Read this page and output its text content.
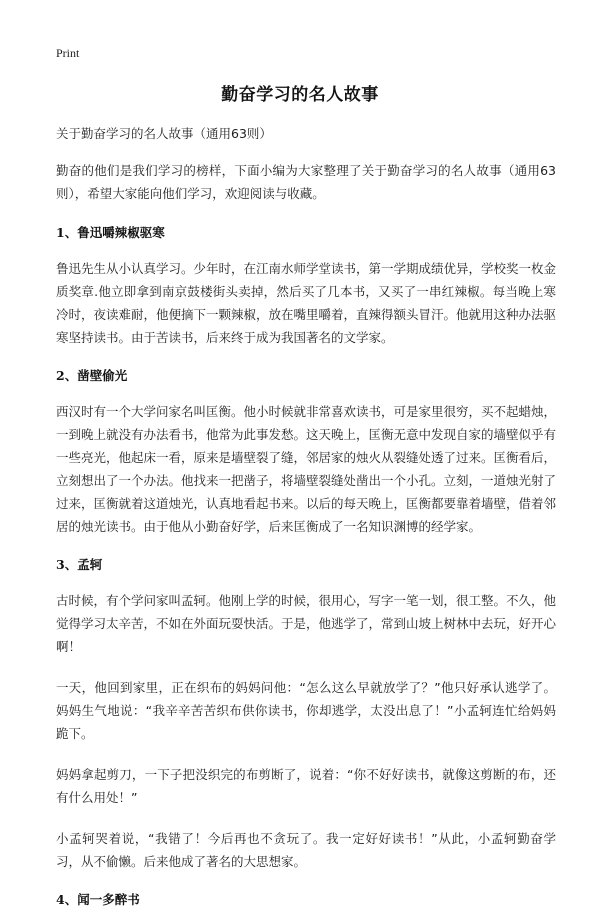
Print
勤奋学习的名人故事

关于勤奋学习的名人故事（通用63则）

勤奋的他们是我们学习的榜样，下面小编为大家整理了关于勤奋学习的名人故事（通用63则），希望大家能向他们学习，欢迎阅读与收藏。

1、鲁迅嚼辣椒驱寒

鲁迅先生从小认真学习。少年时，在江南水师学堂读书，第一学期成绩优异，学校奖一枚金质奖章.他立即拿到南京鼓楼街头卖掉，然后买了几本书，又买了一串红辣椒。每当晚上寒冷时，夜读难耐，他便摘下一颗辣椒，放在嘴里嚼着，直辣得额头冒汗。他就用这种办法驱寒坚持读书。由于苦读书，后来终于成为我国著名的文学家。

2、凿壁偷光

西汉时有一个大学问家名叫匡衡。他小时候就非常喜欢读书，可是家里很穷，买不起蜡烛，一到晚上就没有办法看书，他常为此事发愁。这天晚上，匡衡无意中发现自家的墙壁似乎有一些亮光，他起床一看，原来是墙壁裂了缝，邻居家的烛火从裂缝处透了过来。匡衡看后，立刻想出了一个办法。他找来一把凿子，将墙壁裂缝处凿出一个小孔。立刻，一道烛光射了过来，匡衡就着这道烛光，认真地看起书来。以后的每天晚上，匡衡都要靠着墙壁，借着邻居的烛光读书。由于他从小勤奋好学，后来匡衡成了一名知识渊博的经学家。

3、孟轲

古时候，有个学问家叫孟轲。他刚上学的时候，很用心，写字一笔一划，很工整。不久，他觉得学习太辛苦，不如在外面玩耍快活。于是，他逃学了，常到山坡上树林中去玩，好开心啊！

一天，他回到家里，正在织布的妈妈问他：“怎么这么早就放学了？”他只好承认逃学了。妈妈生气地说：“我辛辛苦苦织布供你读书，你却逃学，太没出息了！”小孟轲连忙给妈妈跪下。

妈妈拿起剪刀，一下子把没织完的布剪断了，说着：“你不好好读书，就像这剪断的布，还有什么用处！”

小孟轲哭着说，“我错了！今后再也不贪玩了。我一定好好读书！”从此，小孟轲勤奋学习，从不偷懒。后来他成了著名的大思想家。

4、闻一多醉书
